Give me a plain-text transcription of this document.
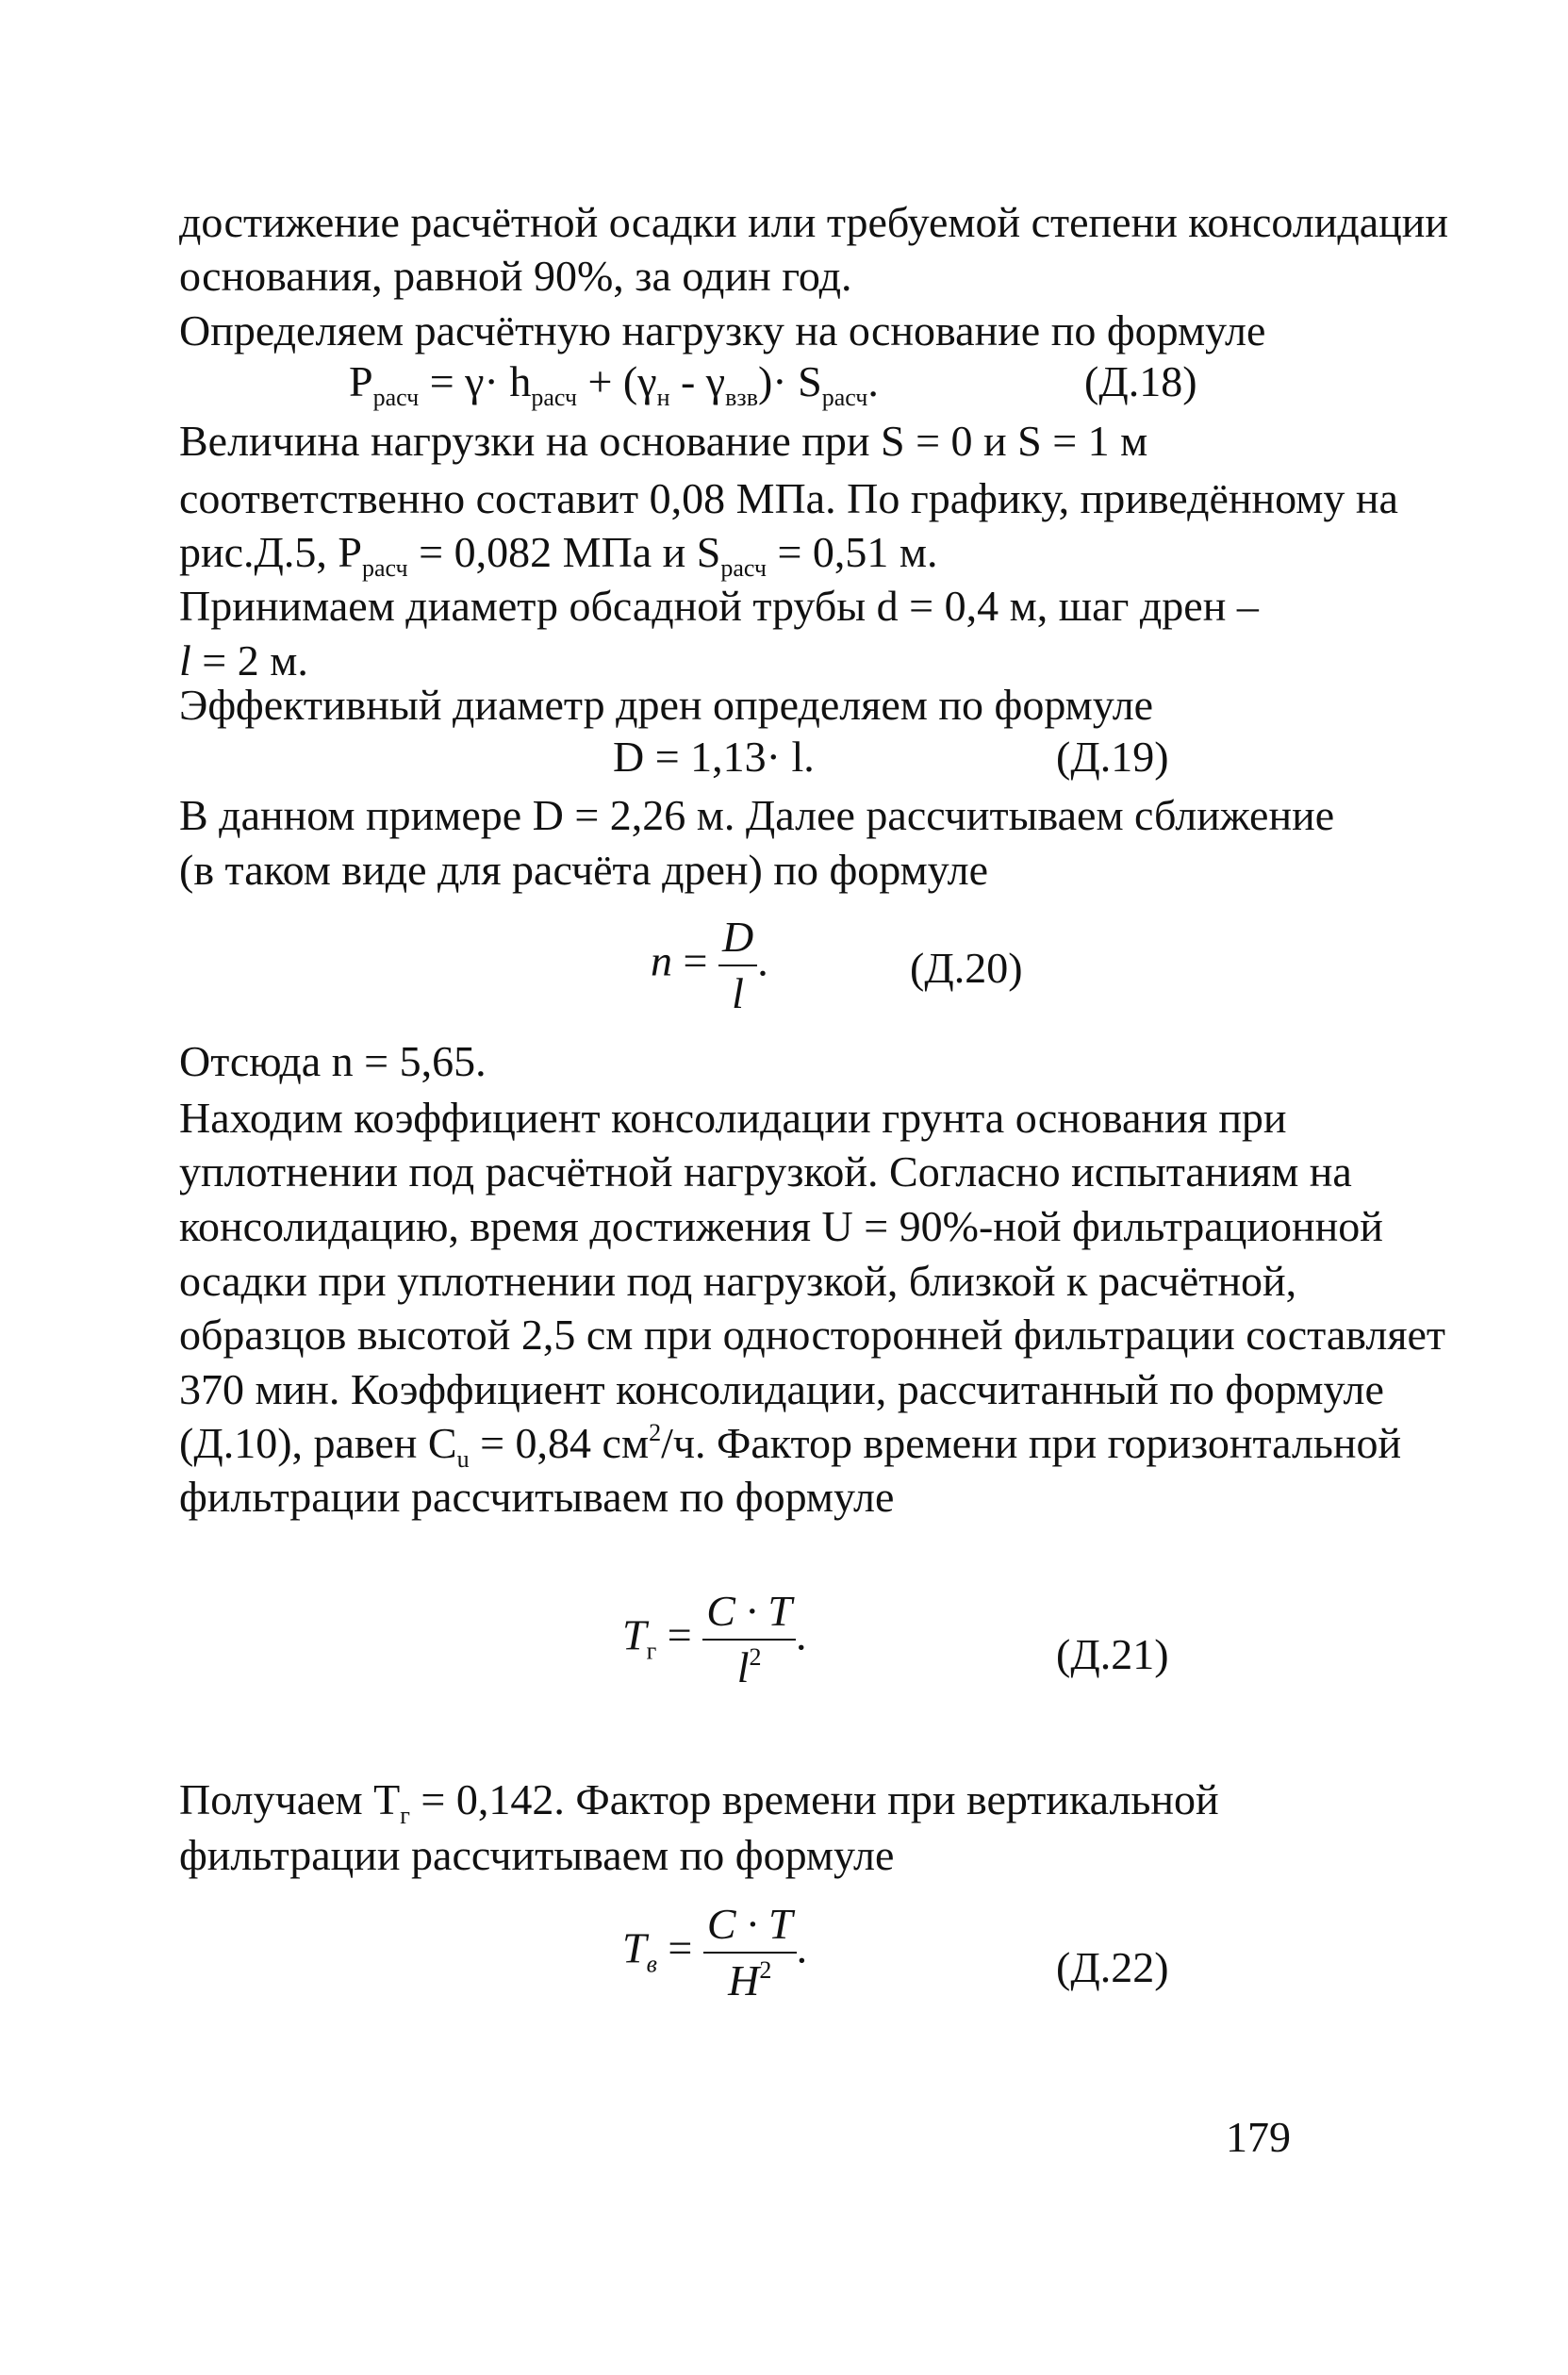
достижение расчётной осадки или требуемой степени консолидации

основания, равной 90%, за один год.

Определяем расчётную нагрузку на основание по формуле

$P_{расч} = \gamma\cdot h_{расч} + (\gamma_н - \gamma_{взв})\cdot S_{расч}$.	(Д.18)

Величина нагрузки на основание при S = 0 и S = 1 м

соответственно составит 0,08 МПа. По графику, приведённому на

рис.Д.5, $P_{расч} = 0,082$ МПа и $S_{расч} = 0,51$ м.

Принимаем диаметр обсадной трубы d = 0,4 м, шаг дрен –

l = 2 м.

Эффективный диаметр дрен определяем по формуле

D = 1,13· l.	(Д.19)

В данном примере D = 2,26 м. Далее рассчитываем сближение

(в таком виде для расчёта дрен) по формуле

$n = \frac{D}{l}$ .	(Д.20)

Отсюда n = 5,65.

Находим коэффициент консолидации грунта основания при

уплотнении под расчётной нагрузкой. Согласно испытаниям на

консолидацию, время достижения U = 90%-ной фильтрационной

осадки при уплотнении под нагрузкой, близкой к расчётной,

образцов высотой 2,5 см при односторонней фильтрации составляет

370 мин. Коэффициент консолидации, рассчитанный по формуле

(Д.10), равен $C_u = 0,84$ $см^2/ч$. Фактор времени при горизонтальной

фильтрации рассчитываем по формуле

$T_г = \frac{C \cdot T}{l^2}$ .	(Д.21)

Получаем $T_г = 0,142$. Фактор времени при вертикальной

фильтрации рассчитываем по формуле

$T_в = \frac{C \cdot T}{H^2}$ .	(Д.22)
179
